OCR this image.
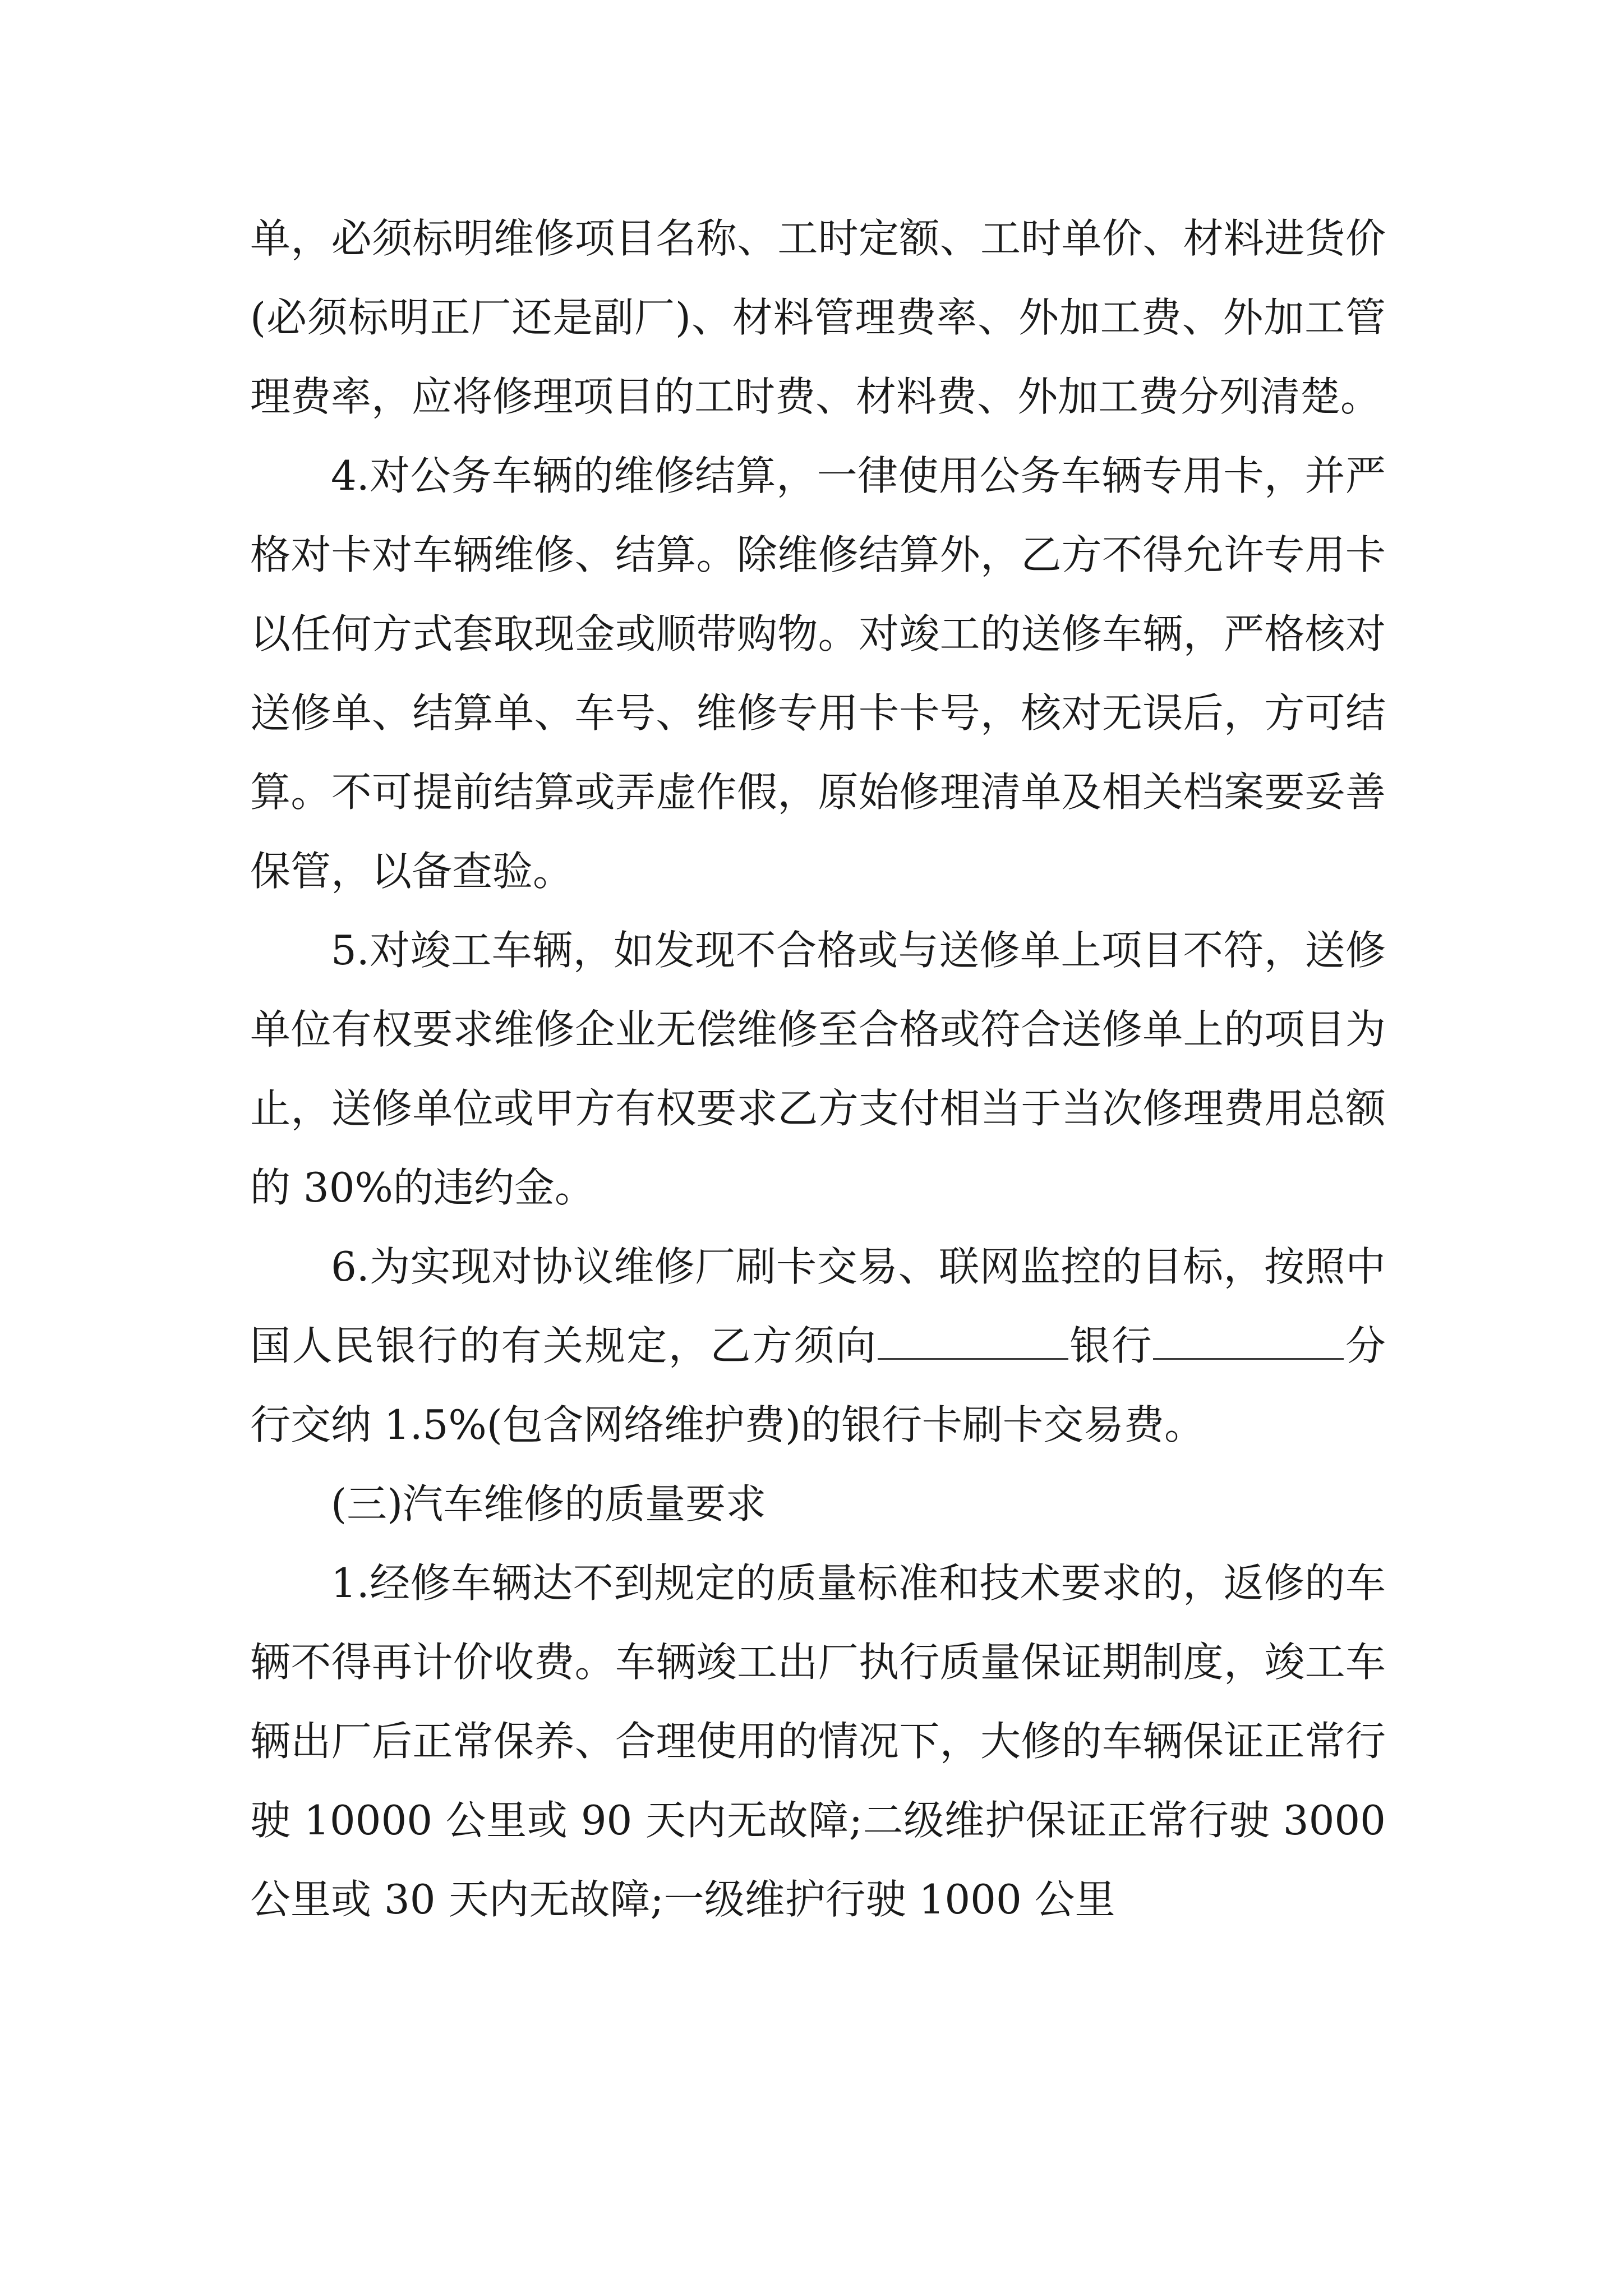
单，必须标明维修项目名称、工时定额、工时单价、材料进货价(必须标明正厂还是副厂)、材料管理费率、外加工费、外加工管理费率，应将修理项目的工时费、材料费、外加工费分列清楚。

4.对公务车辆的维修结算，一律使用公务车辆专用卡，并严格对卡对车辆维修、结算。除维修结算外，乙方不得允许专用卡以任何方式套取现金或顺带购物。对竣工的送修车辆，严格核对送修单、结算单、车号、维修专用卡卡号，核对无误后，方可结算。不可提前结算或弄虚作假，原始修理清单及相关档案要妥善保管，以备查验。

5.对竣工车辆，如发现不合格或与送修单上项目不符，送修单位有权要求维修企业无偿维修至合格或符合送修单上的项目为止，送修单位或甲方有权要求乙方支付相当于当次修理费用总额的 30%的违约金。

6.为实现对协议维修厂刷卡交易、联网监控的目标，按照中国人民银行的有关规定，乙方须向	银行	分行交纳 1.5%(包含网络维护费)的银行卡刷卡交易费。

(三)汽车维修的质量要求

1.经修车辆达不到规定的质量标准和技术要求的，返修的车辆不得再计价收费。车辆竣工出厂执行质量保证期制度，竣工车辆出厂后正常保养、合理使用的情况下，大修的车辆保证正常行驶 10000 公里或 90 天内无故障;二级维护保证正常行驶 3000 公里或 30 天内无故障;一级维护行驶 1000 公里
